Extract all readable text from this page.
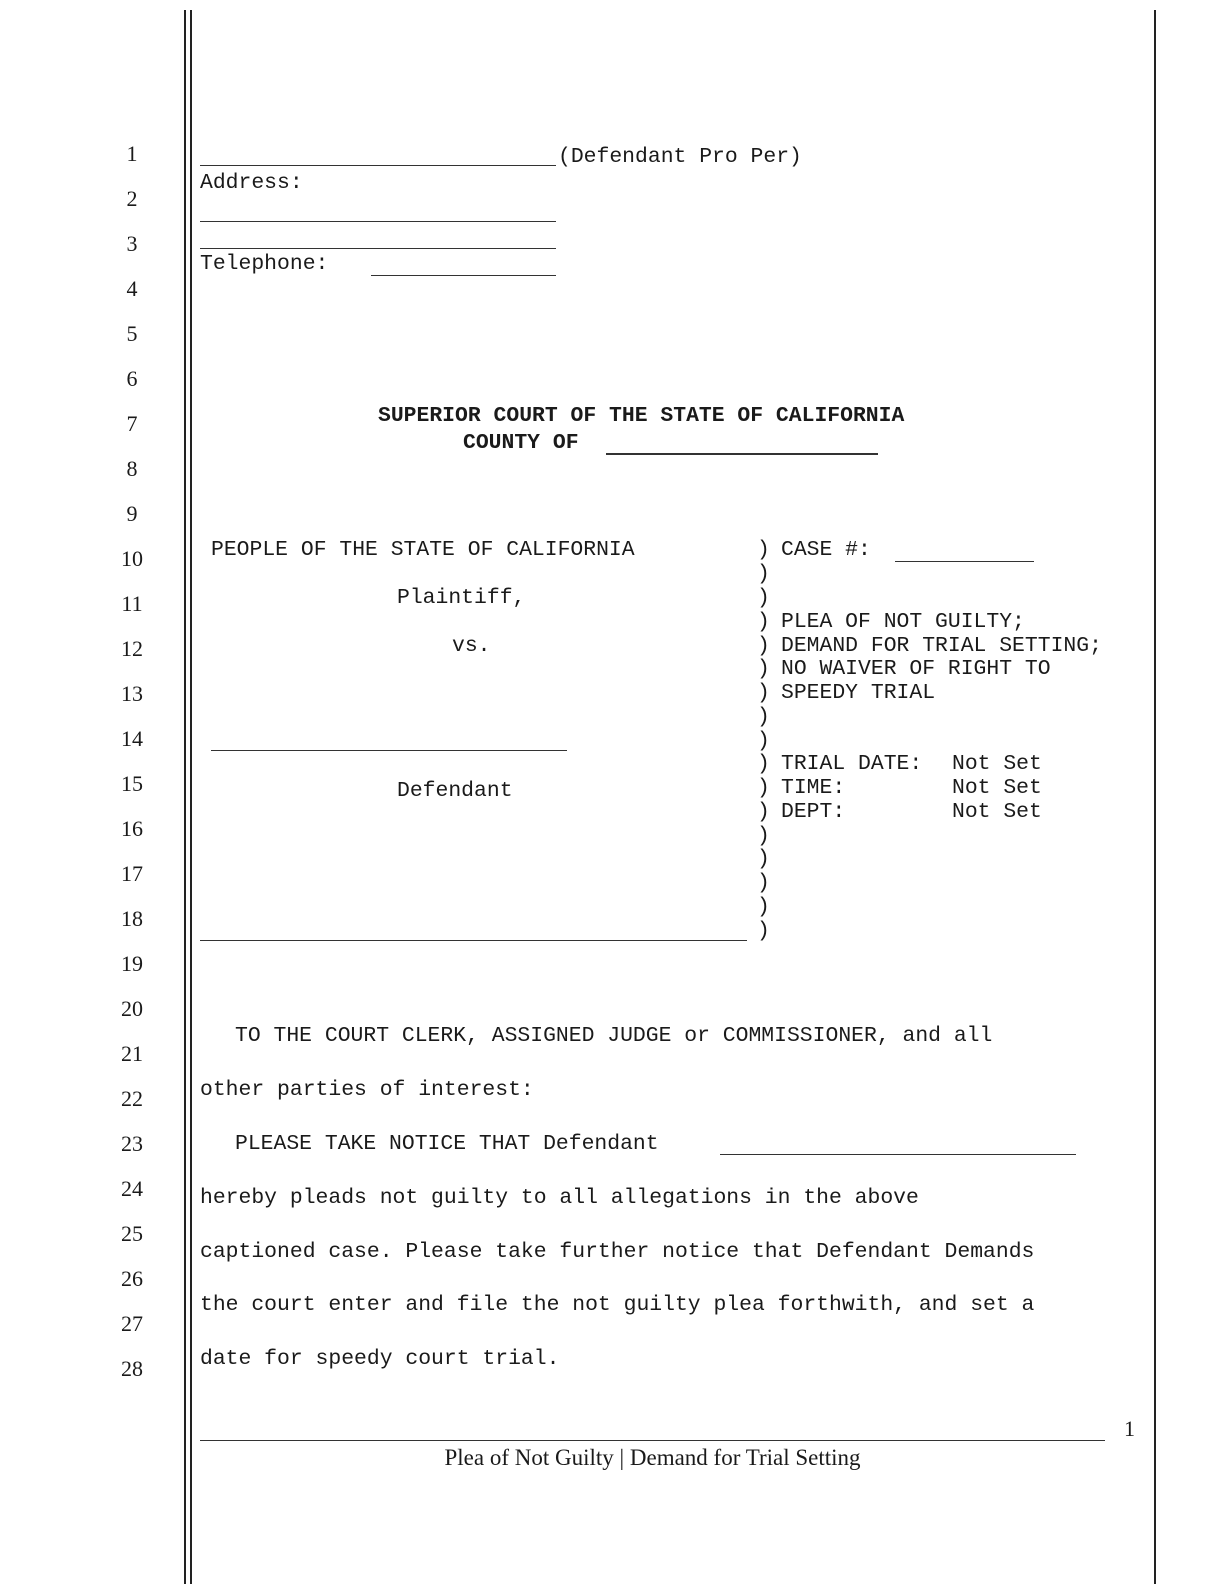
1
2
3
4
5
6
7
8
9
10
11
12
13
14
15
16
17
18
19
20
21
22
23
24
25
26
27
28
(Defendant Pro Per)
Address:
Telephone:
SUPERIOR COURT OF THE STATE OF CALIFORNIA
COUNTY OF
PEOPLE OF THE STATE OF CALIFORNIA
Plaintiff,
vs.
Defendant
)
)
)
)
)
)
)
)
)
)
)
)
)
)
)
)
)
CASE #:
PLEA OF NOT GUILTY;
DEMAND FOR TRIAL SETTING;
NO WAIVER OF RIGHT TO
SPEEDY TRIAL
TRIAL DATE: Not Set
TIME:	Not Set
DEPT:	Not Set
TO THE COURT CLERK, ASSIGNED JUDGE or COMMISSIONER, and all
other parties of interest:
PLEASE TAKE NOTICE THAT Defendant
hereby pleads not guilty to all allegations in the above
captioned case. Please take further notice that Defendant Demands
the court enter and file the not guilty plea forthwith, and set a
date for speedy court trial.
Plea of Not Guilty | Demand for Trial Setting
1
